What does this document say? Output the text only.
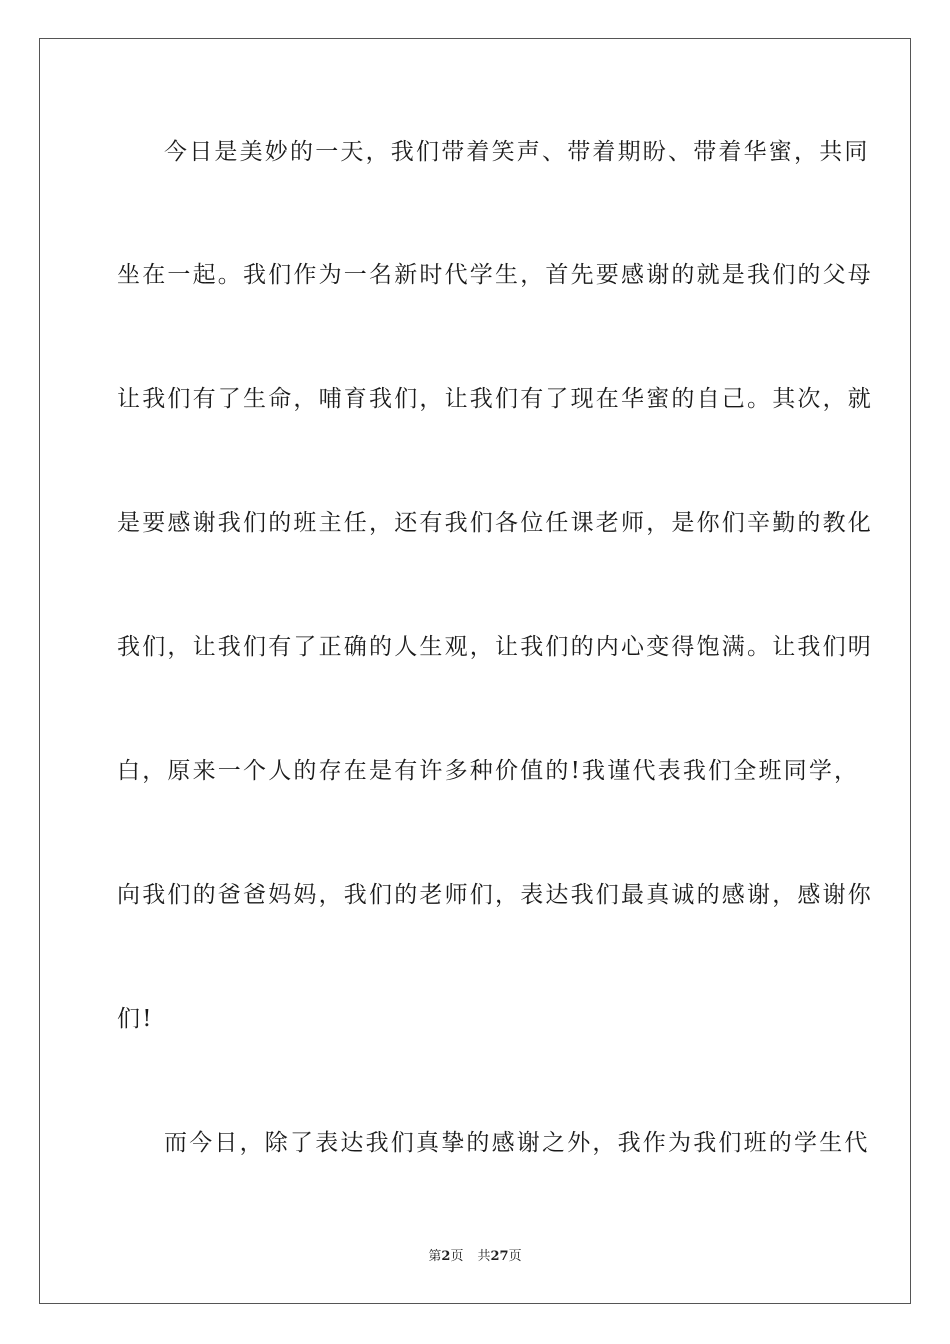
今日是美妙的一天，我们带着笑声、带着期盼、带着华蜜，共同
坐在一起。我们作为一名新时代学生，首先要感谢的就是我们的父母
让我们有了生命，哺育我们，让我们有了现在华蜜的自己。其次，就
是要感谢我们的班主任，还有我们各位任课老师，是你们辛勤的教化
我们，让我们有了正确的人生观，让我们的内心变得饱满。让我们明
白，原来一个人的存在是有许多种价值的!我谨代表我们全班同学，
向我们的爸爸妈妈，我们的老师们，表达我们最真诚的感谢，感谢你
们!
而今日，除了表达我们真挚的感谢之外，我作为我们班的学生代
第2页 共27页
